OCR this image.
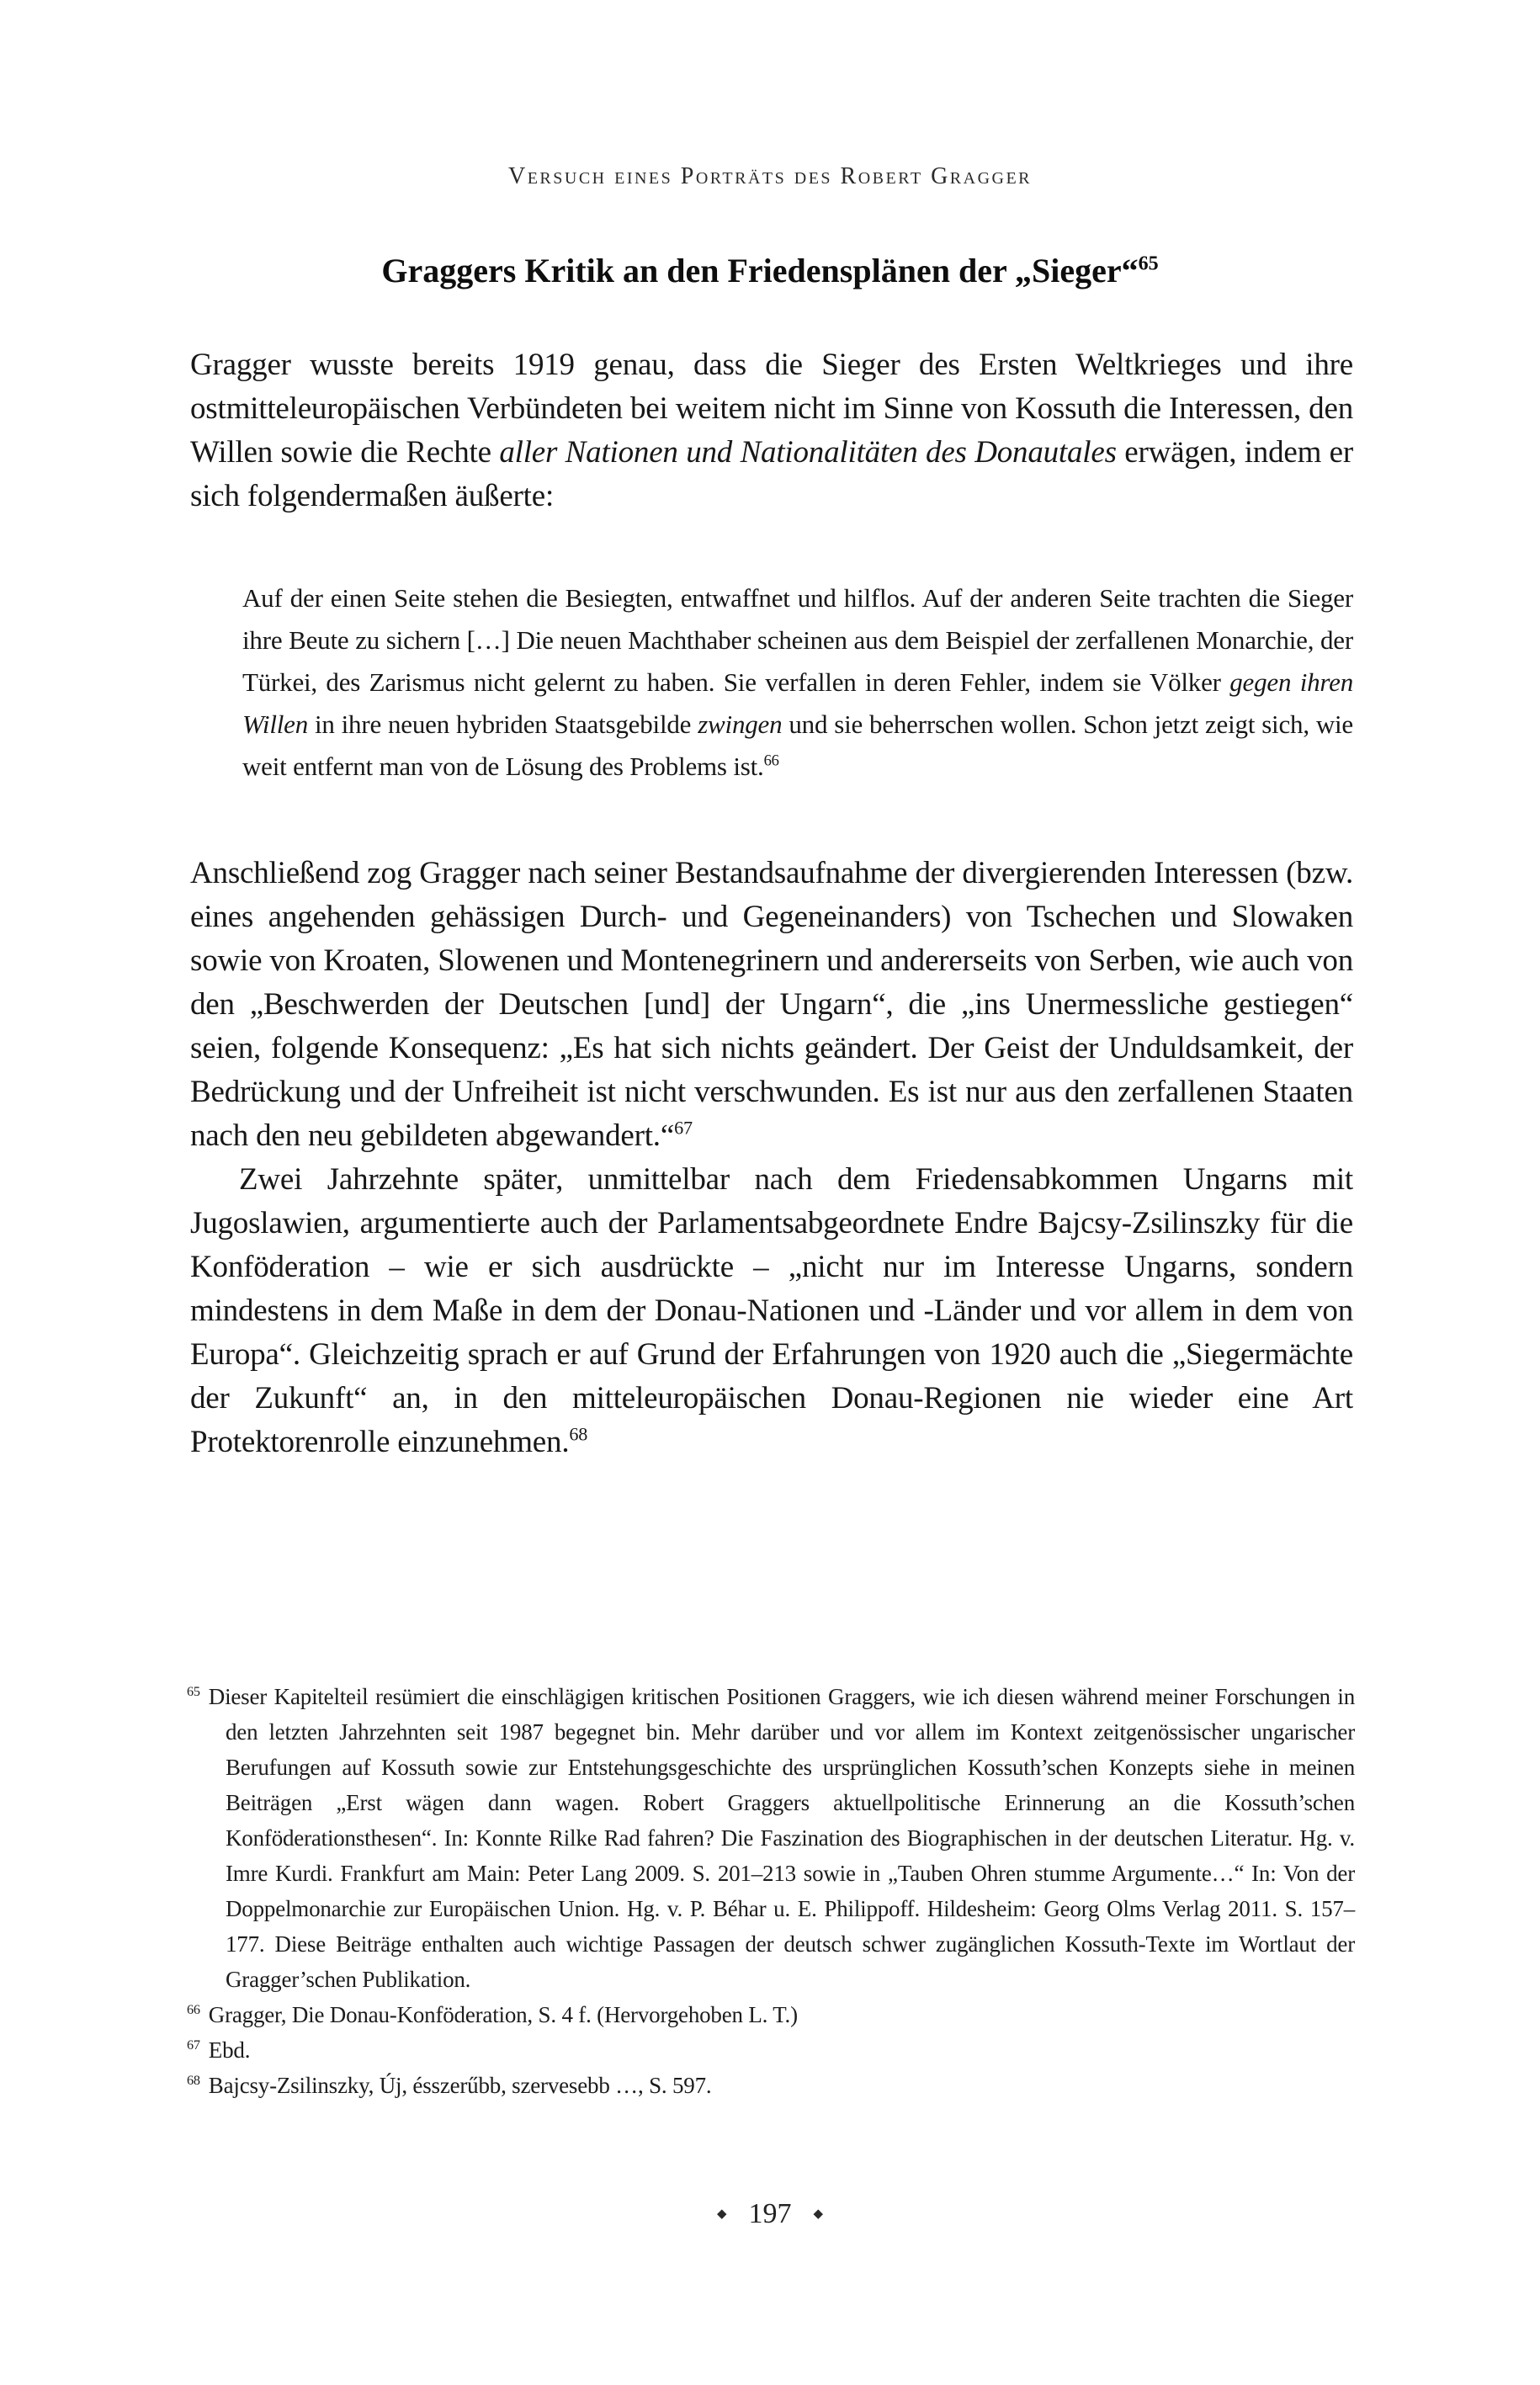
Versuch eines Porträts des Robert Gragger
Graggers Kritik an den Friedensplänen der „Sieger“$^{65}$

Gragger wusste bereits 1919 genau, dass die Sieger des Ersten Weltkrieges und ihre ostmitteleuropäischen Verbündeten bei weitem nicht im Sinne von Kossuth die Interessen, den Willen sowie die Rechte aller Nationen und Nationalitäten des Donautales erwägen, indem er sich folgendermaßen äußerte:

Auf der einen Seite stehen die Besiegten, entwaffnet und hilflos. Auf der anderen Seite trachten die Sieger ihre Beute zu sichern […] Die neuen Machthaber scheinen aus dem Beispiel der zerfallenen Monarchie, der Türkei, des Zarismus nicht gelernt zu haben. Sie verfallen in deren Fehler, indem sie Völker gegen ihren Willen in ihre neuen hybriden Staatsgebilde zwingen und sie beherrschen wollen. Schon jetzt zeigt sich, wie weit entfernt man von de Lösung des Problems ist.$^{66}$

Anschließend zog Gragger nach seiner Bestandsaufnahme der divergierenden Interessen (bzw. eines angehenden gehässigen Durch- und Gegeneinanders) von Tschechen und Slowaken sowie von Kroaten, Slowenen und Montenegrinern und andererseits von Serben, wie auch von den „Beschwerden der Deutschen [und] der Ungarn“, die „ins Unermessliche gestiegen“ seien, folgende Konsequenz: „Es hat sich nichts geändert. Der Geist der Unduldsamkeit, der Bedrückung und der Unfreiheit ist nicht verschwunden. Es ist nur aus den zerfallenen Staaten nach den neu gebildeten abgewandert.“$^{67}$

Zwei Jahrzehnte später, unmittelbar nach dem Friedensabkommen Ungarns mit Jugoslawien, argumentierte auch der Parlamentsabgeordnete Endre Bajcsy-Zsilinszky für die Konföderation – wie er sich ausdrückte – „nicht nur im Interesse Ungarns, sondern mindestens in dem Maße in dem der Donau-Nationen und -Länder und vor allem in dem von Europa“. Gleichzeitig sprach er auf Grund der Erfahrungen von 1920 auch die „Siegermächte der Zukunft“ an, in den mitteleuropäischen Donau-Regionen nie wieder eine Art Protektorenrolle einzunehmen.$^{68}$

$^{65}$ Dieser Kapitelteil resümiert die einschlägigen kritischen Positionen Graggers, wie ich diesen während meiner Forschungen in den letzten Jahrzehnten seit 1987 begegnet bin. Mehr darüber und vor allem im Kontext zeitgenössischer ungarischer Berufungen auf Kossuth sowie zur Entstehungsgeschichte des ursprünglichen Kossuth’schen Konzepts siehe in meinen Beiträgen „Erst wägen dann wagen. Robert Graggers aktuellpolitische Erinnerung an die Kossuth’schen Konföderationsthesen“. In: Konnte Rilke Rad fahren? Die Faszination des Biographischen in der deutschen Literatur. Hg. v. Imre Kurdi. Frankfurt am Main: Peter Lang 2009. S. 201–213 sowie in „Tauben Ohren stumme Argumente…“ In: Von der Doppelmonarchie zur Europäischen Union. Hg. v. P. Béhar u. E. Philippoff. Hildesheim: Georg Olms Verlag 2011. S. 157–177. Diese Beiträge enthalten auch wichtige Passagen der deutsch schwer zugänglichen Kossuth-Texte im Wortlaut der Gragger’schen Publikation.
$^{66}$ Gragger, Die Donau-Konföderation, S. 4 f. (Hervorgehoben L. T.)
$^{67}$ Ebd.
$^{68}$ Bajcsy-Zsilinszky, Új, ésszerűbb, szervesebb …, S. 597.
◆ 197 ◆
